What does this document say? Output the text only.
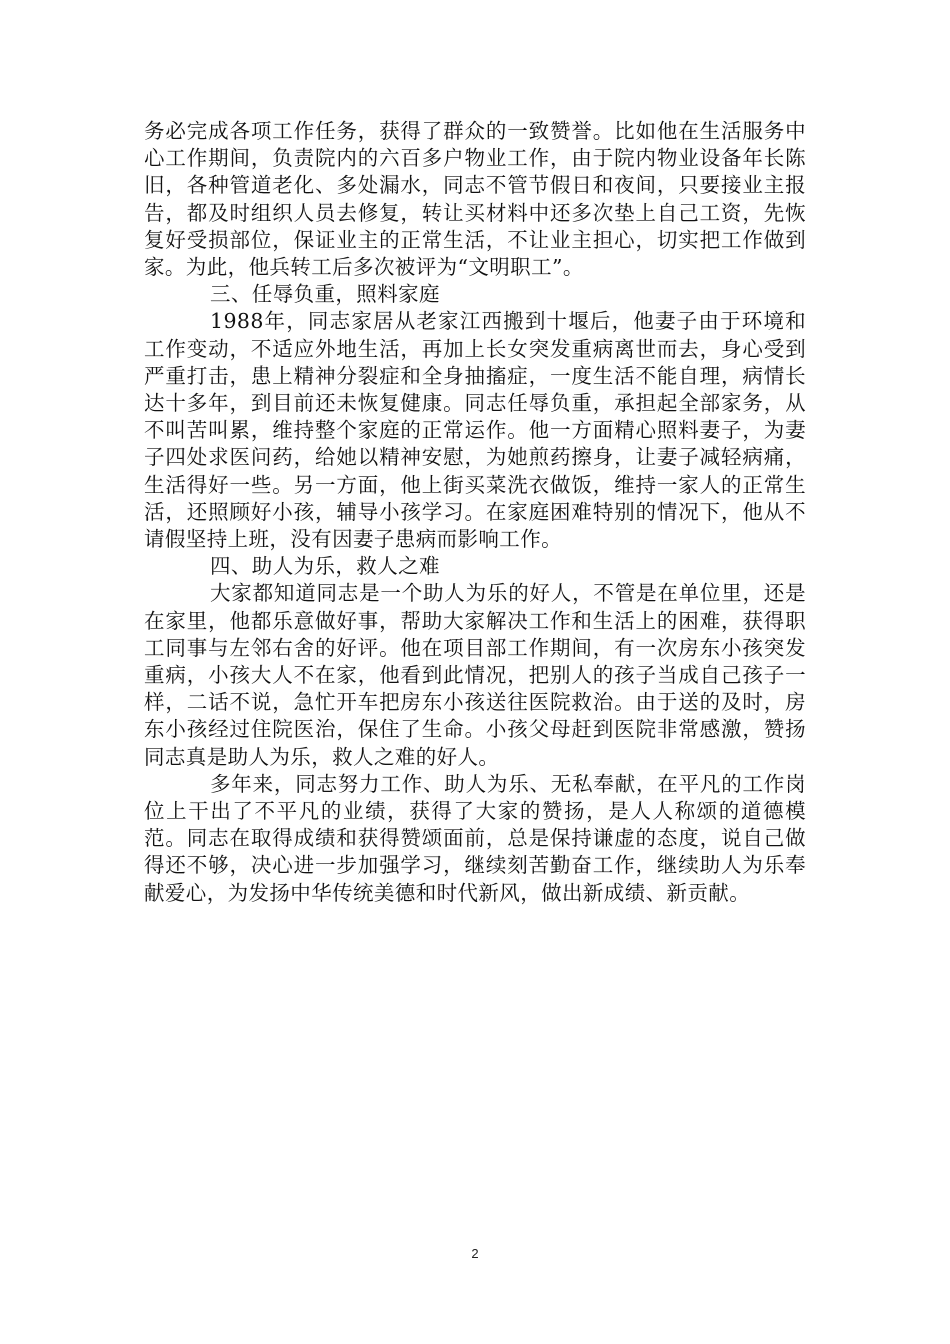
务必完成各项工作任务，获得了群众的一致赞誉。比如他在生活服务中心工作期间，负责院内的六百多户物业工作，由于院内物业设备年长陈旧，各种管道老化、多处漏水，同志不管节假日和夜间，只要接业主报告，都及时组织人员去修复，转让买材料中还多次垫上自己工资，先恢复好受损部位，保证业主的正常生活，不让业主担心，切实把工作做到家。为此，他兵转工后多次被评为“文明职工”。

三、任辱负重，照料家庭

1988年，同志家居从老家江西搬到十堰后，他妻子由于环境和工作变动，不适应外地生活，再加上长女突发重病离世而去，身心受到严重打击，患上精神分裂症和全身抽搐症，一度生活不能自理，病情长达十多年，到目前还未恢复健康。同志任辱负重，承担起全部家务，从不叫苦叫累，维持整个家庭的正常运作。他一方面精心照料妻子，为妻子四处求医问药，给她以精神安慰，为她煎药擦身，让妻子减轻病痛，生活得好一些。另一方面，他上街买菜洗衣做饭，维持一家人的正常生活，还照顾好小孩，辅导小孩学习。在家庭困难特别的情况下，他从不请假坚持上班，没有因妻子患病而影响工作。

四、助人为乐，救人之难

大家都知道同志是一个助人为乐的好人，不管是在单位里，还是在家里，他都乐意做好事，帮助大家解决工作和生活上的困难，获得职工同事与左邻右舍的好评。他在项目部工作期间，有一次房东小孩突发重病，小孩大人不在家，他看到此情况，把别人的孩子当成自己孩子一样，二话不说，急忙开车把房东小孩送往医院救治。由于送的及时，房东小孩经过住院医治，保住了生命。小孩父母赶到医院非常感激，赞扬同志真是助人为乐，救人之难的好人。

多年来，同志努力工作、助人为乐、无私奉献，在平凡的工作岗位上干出了不平凡的业绩，获得了大家的赞扬，是人人称颂的道德模范。同志在取得成绩和获得赞颂面前，总是保持谦虚的态度，说自己做得还不够，决心进一步加强学习，继续刻苦勤奋工作，继续助人为乐奉献爱心，为发扬中华传统美德和时代新风，做出新成绩、新贡献。

2
